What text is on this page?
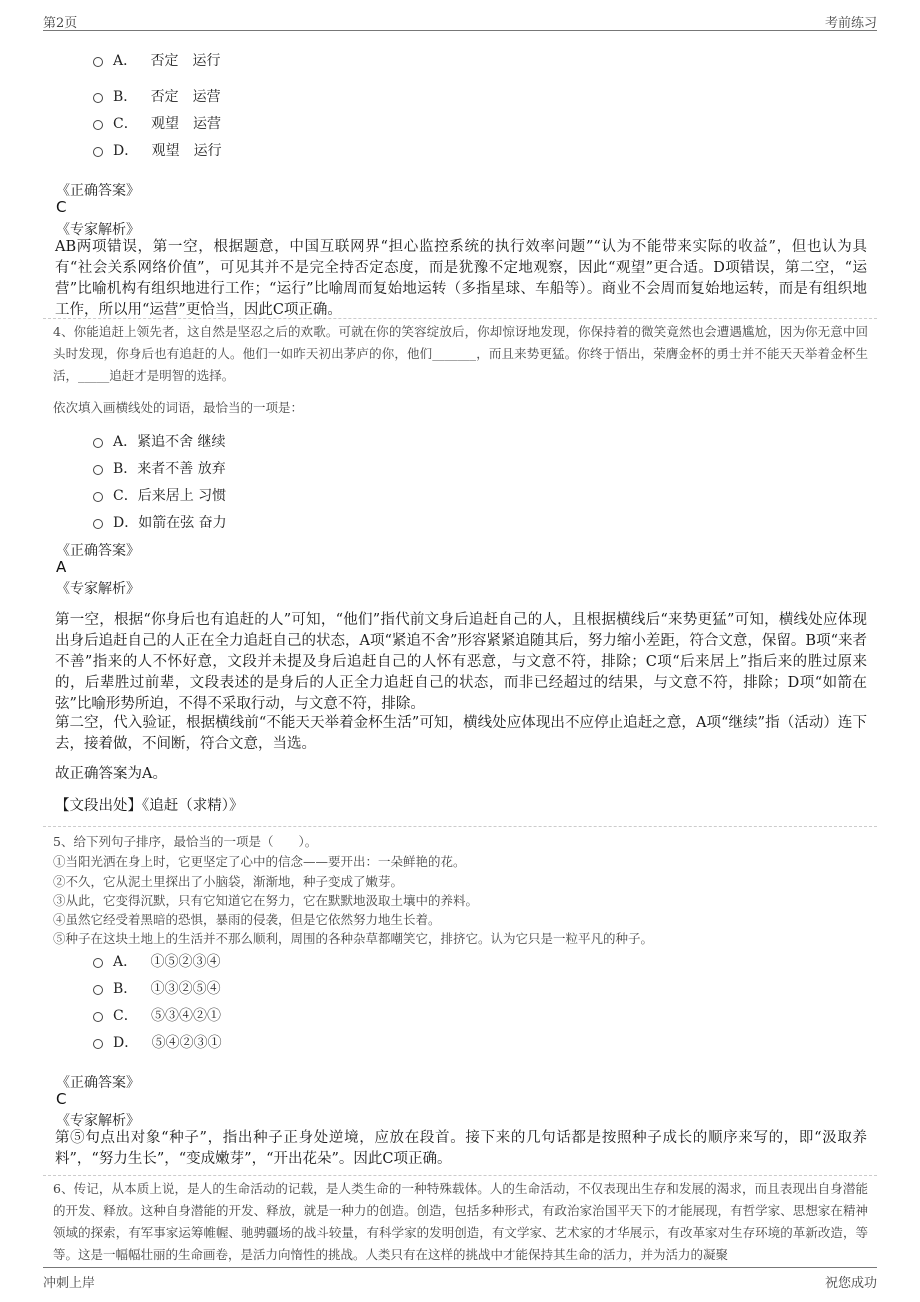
第2页	考前练习
A．   否定　运行
B．   否定　运营
C．   观望　运营
D．   观望　运行
《正确答案》
C
《专家解析》

AB两项错误，第一空，根据题意，中国互联网界“担心监控系统的执行效率问题”“认为不能带来实际的收益”，但也认为具有“社会关系网络价值”，可见其并不是完全持否定态度，而是犹豫不定地观察，因此“观望”更合适。D项错误，第二空，“运营”比喻机构有组织地进行工作；“运行”比喻周而复始地运转（多指星球、车船等）。商业不会周而复始地运转，而是有组织地工作，所以用“运营”更恰当，因此C项正确。

4、你能追赶上领先者，这自然是坚忍之后的欢歌。可就在你的笑容绽放后，你却惊讶地发现，你保持着的微笑竟然也会遭遇尴尬，因为你无意中回头时发现，你身后也有追赶的人。他们一如昨天初出茅庐的你，他们_______，而且来势更猛。你终于悟出，荣膺金杯的勇士并不能天天举着金杯生活，_____追赶才是明智的选择。

依次填入画横线处的词语，最恰当的一项是：

A．紧追不舍 继续
B．来者不善 放弃
C．后来居上 习惯
D．如箭在弦 奋力
《正确答案》
A
《专家解析》

第一空，根据“你身后也有追赶的人”可知，“他们”指代前文身后追赶自己的人，且根据横线后“来势更猛”可知，横线处应体现出身后追赶自己的人正在全力追赶自己的状态，A项“紧追不舍”形容紧紧追随其后，努力缩小差距，符合文意，保留。B项“来者不善”指来的人不怀好意，文段并未提及身后追赶自己的人怀有恶意，与文意不符，排除；C项“后来居上”指后来的胜过原来的，后辈胜过前辈，文段表述的是身后的人正全力追赶自己的状态，而非已经超过的结果，与文意不符，排除；D项“如箭在弦”比喻形势所迫，不得不采取行动，与文意不符，排除。

第二空，代入验证，根据横线前“不能天天举着金杯生活”可知，横线处应体现出不应停止追赶之意，A项“继续”指（活动）连下去，接着做，不间断，符合文意，当选。

故正确答案为A。

【文段出处】《追赶（求精）》

5、给下列句子排序，最恰当的一项是（　　）。

①当阳光洒在身上时，它更坚定了心中的信念——要开出：一朵鲜艳的花。

②不久，它从泥土里探出了小脑袋，渐渐地，种子变成了嫩芽。

③从此，它变得沉默，只有它知道它在努力，它在默默地汲取土壤中的养料。

④虽然它经受着黑暗的恐惧，暴雨的侵袭，但是它依然努力地生长着。

⑤种子在这块土地上的生活并不那么顺利，周围的各种杂草都嘲笑它，排挤它。认为它只是一粒平凡的种子。

A．   ①⑤②③④
B．   ①③②⑤④
C．   ⑤③④②①
D．   ⑤④②③①
《正确答案》
C
《专家解析》

第⑤句点出对象“种子”，指出种子正身处逆境，应放在段首。接下来的几句话都是按照种子成长的顺序来写的，即“汲取养料”，“努力生长”，“变成嫩芽”，“开出花朵”。因此C项正确。

6、传记，从本质上说，是人的生命活动的记载，是人类生命的一种特殊载体。人的生命活动，不仅表现出生存和发展的渴求，而且表现出自身潜能的开发、释放。这种自身潜能的开发、释放，就是一种力的创造。创造，包括多种形式，有政治家治国平天下的才能展现，有哲学家、思想家在精神领域的探索，有军事家运筹帷幄、驰骋疆场的战斗较量，有科学家的发明创造，有文学家、艺术家的才华展示，有改革家对生存环境的革新改造，等等。这是一幅幅壮丽的生命画卷，是活力向惰性的挑战。人类只有在这样的挑战中才能保持其生命的活力，并为活力的凝聚

冲刺上岸	祝您成功
